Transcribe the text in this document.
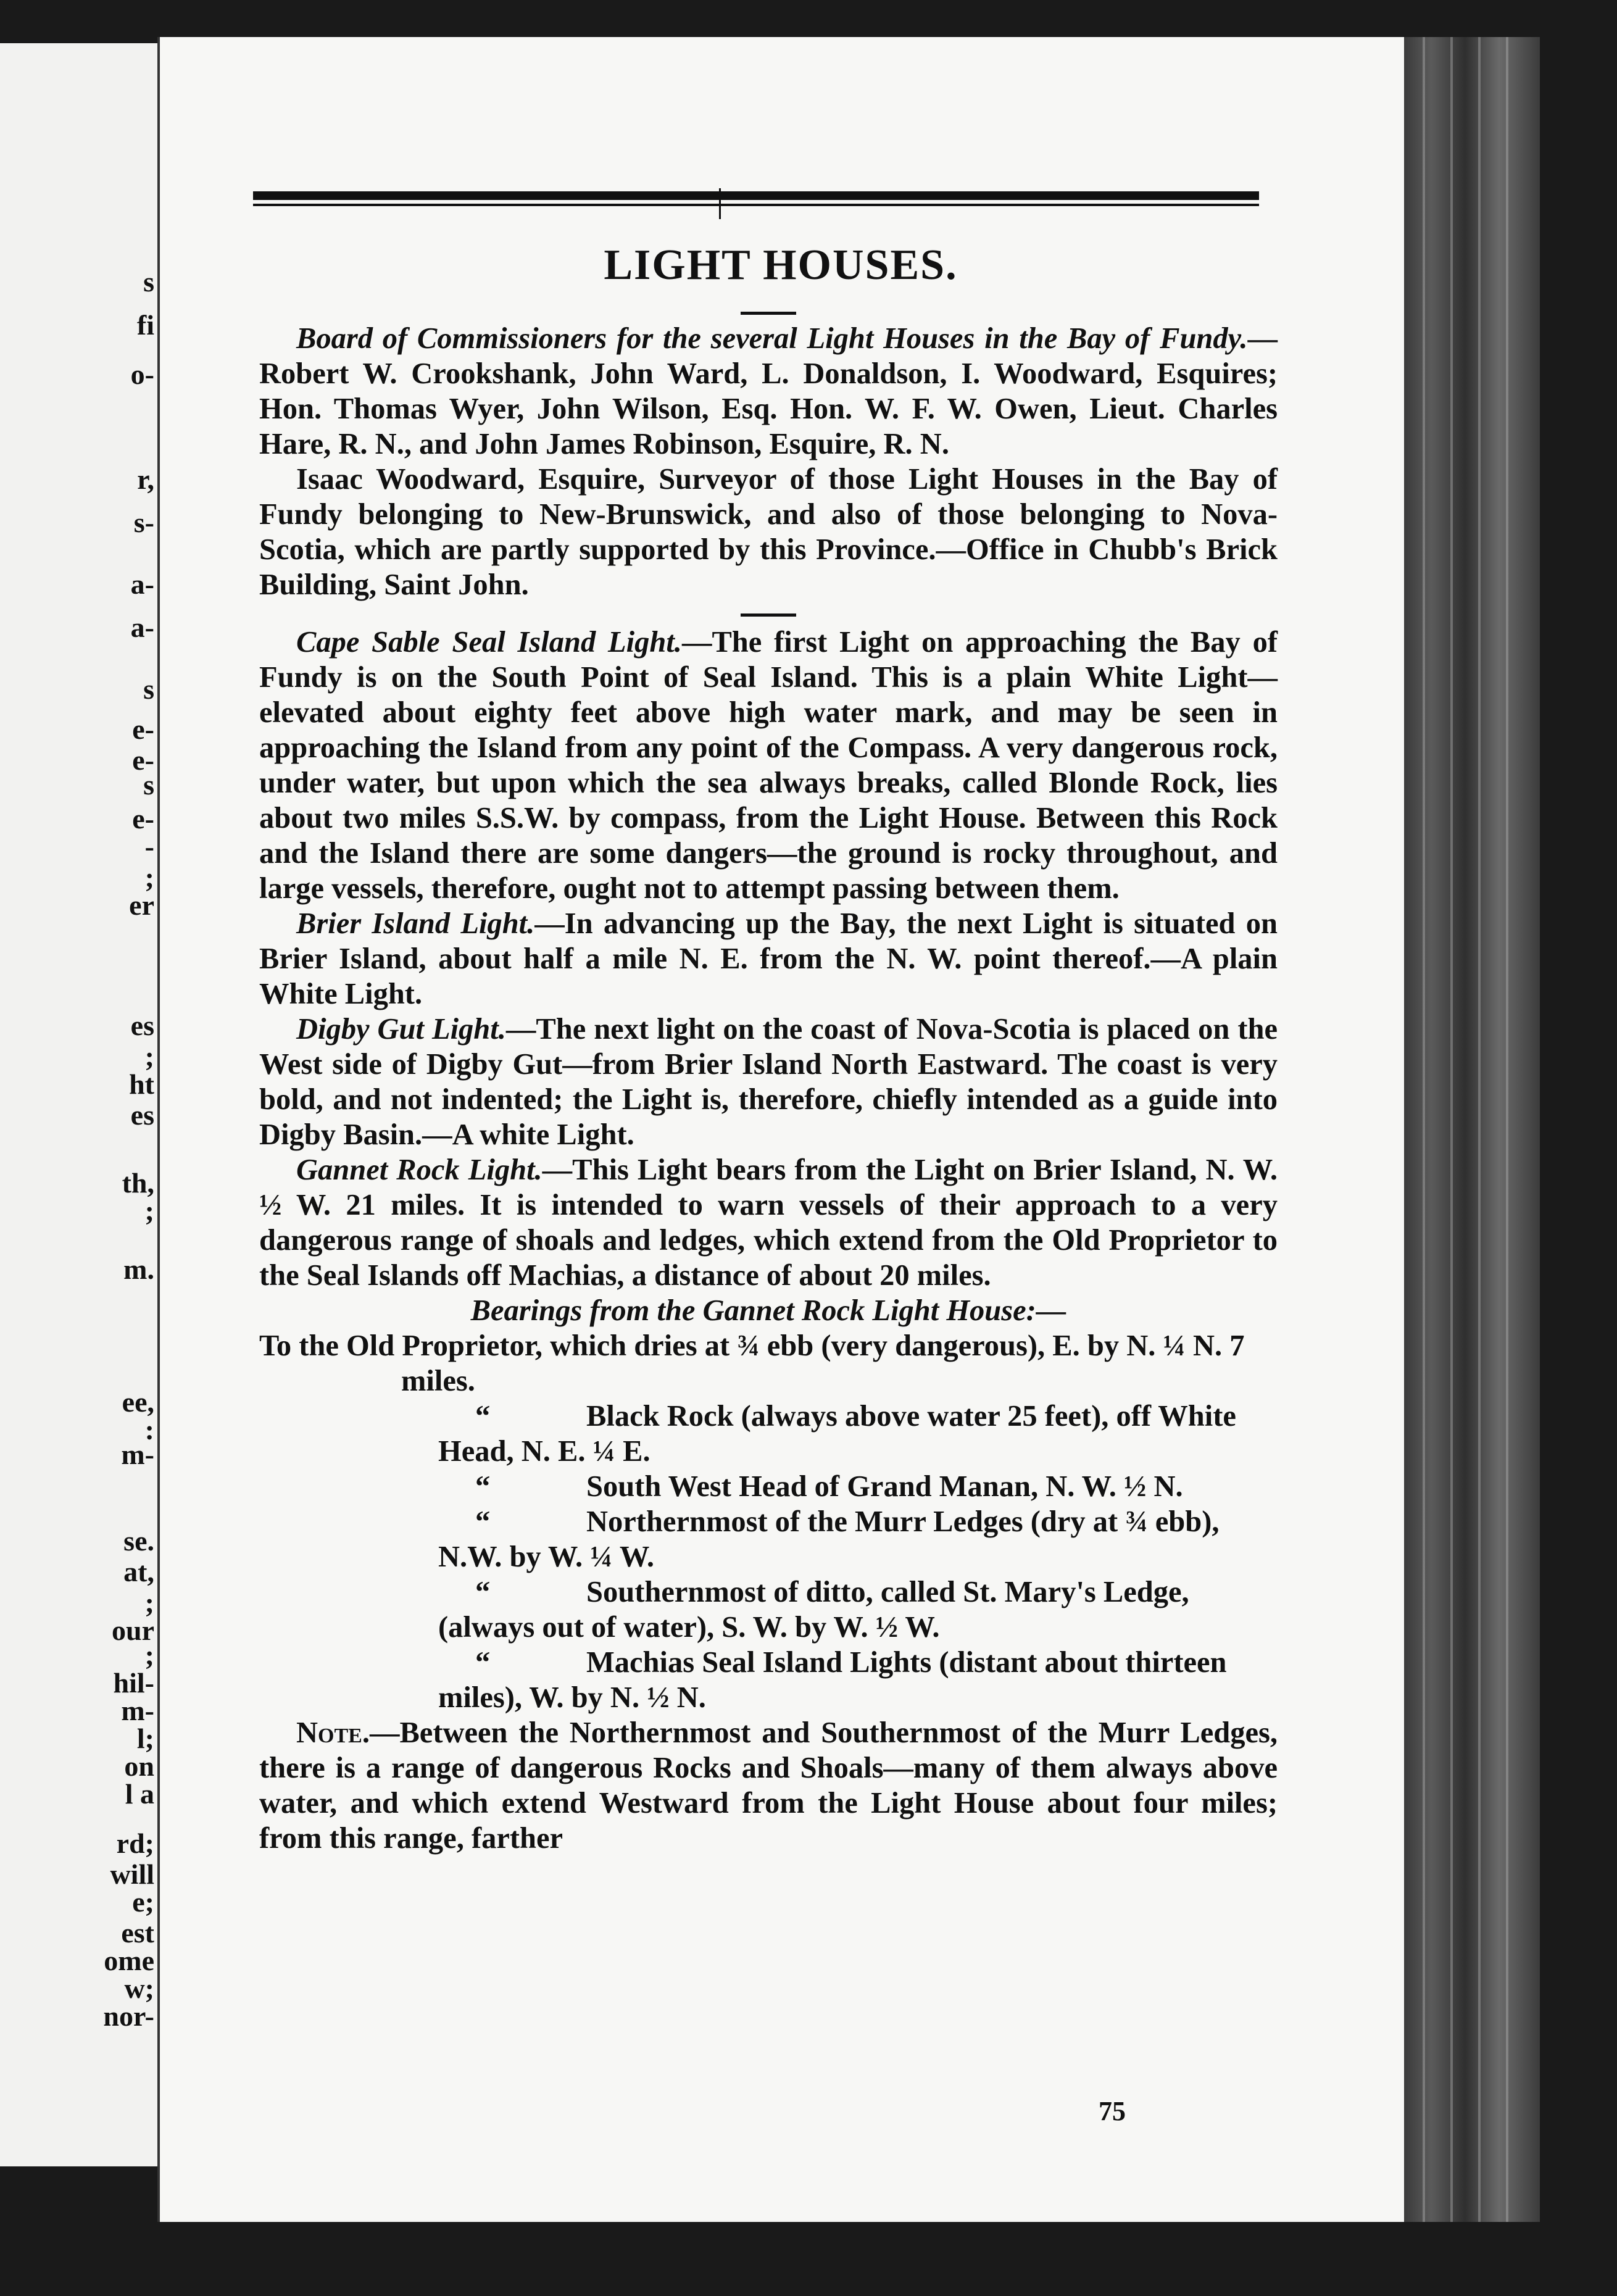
s
fi
o-
r,
s-
a-
a-
s
e-
e-
s
e-
-
;
er
es
;
ht
es
th,
;
m.
ee,
:
m-
se.
at,
;
our
;
hil-
m-
l;
on
l a
rd;
will
e;
est
ome
w;
nor-
LIGHT HOUSES.

Board of Commissioners for the several Light Houses in the Bay of Fundy.—Robert W. Crookshank, John Ward, L. Donaldson, I. Woodward, Esquires; Hon. Thomas Wyer, John Wilson, Esq. Hon. W. F. W. Owen, Lieut. Charles Hare, R. N., and John James Robinson, Esquire, R. N.

Isaac Woodward, Esquire, Surveyor of those Light Houses in the Bay of Fundy belonging to New-Brunswick, and also of those belonging to Nova-Scotia, which are partly supported by this Province.—Office in Chubb's Brick Building, Saint John.

Cape Sable Seal Island Light.—The first Light on approaching the Bay of Fundy is on the South Point of Seal Island. This is a plain White Light—elevated about eighty feet above high water mark, and may be seen in approaching the Island from any point of the Compass. A very dangerous rock, under water, but upon which the sea always breaks, called Blonde Rock, lies about two miles S.S.W. by compass, from the Light House. Between this Rock and the Island there are some dangers—the ground is rocky throughout, and large vessels, therefore, ought not to attempt passing between them.

Brier Island Light.—In advancing up the Bay, the next Light is situated on Brier Island, about half a mile N. E. from the N. W. point thereof.—A plain White Light.

Digby Gut Light.—The next light on the coast of Nova-Scotia is placed on the West side of Digby Gut—from Brier Island North Eastward. The coast is very bold, and not indented; the Light is, therefore, chiefly intended as a guide into Digby Basin.—A white Light.

Gannet Rock Light.—This Light bears from the Light on Brier Island, N. W. ½ W. 21 miles. It is intended to warn vessels of their approach to a very dangerous range of shoals and ledges, which extend from the Old Proprietor to the Seal Islands off Machias, a distance of about 20 miles.

Bearings from the Gannet Rock Light House:—

To the Old Proprietor, which dries at ¾ ebb (very dangerous), E. by N. ¼ N. 7 miles.

“	Black Rock (always above water 25 feet), off White Head, N. E. ¼ E.

“	South West Head of Grand Manan, N. W. ½ N.

“	Northernmost of the Murr Ledges (dry at ¾ ebb), N.W. by W. ¼ W.

“	Southernmost of ditto, called St. Mary's Ledge, (always out of water), S. W. by W. ½ W.

“	Machias Seal Island Lights (distant about thirteen miles), W. by N. ½ N.

Note.—Between the Northernmost and Southernmost of the Murr Ledges, there is a range of dangerous Rocks and Shoals—many of them always above water, and which extend Westward from the Light House about four miles; from this range, farther

75
